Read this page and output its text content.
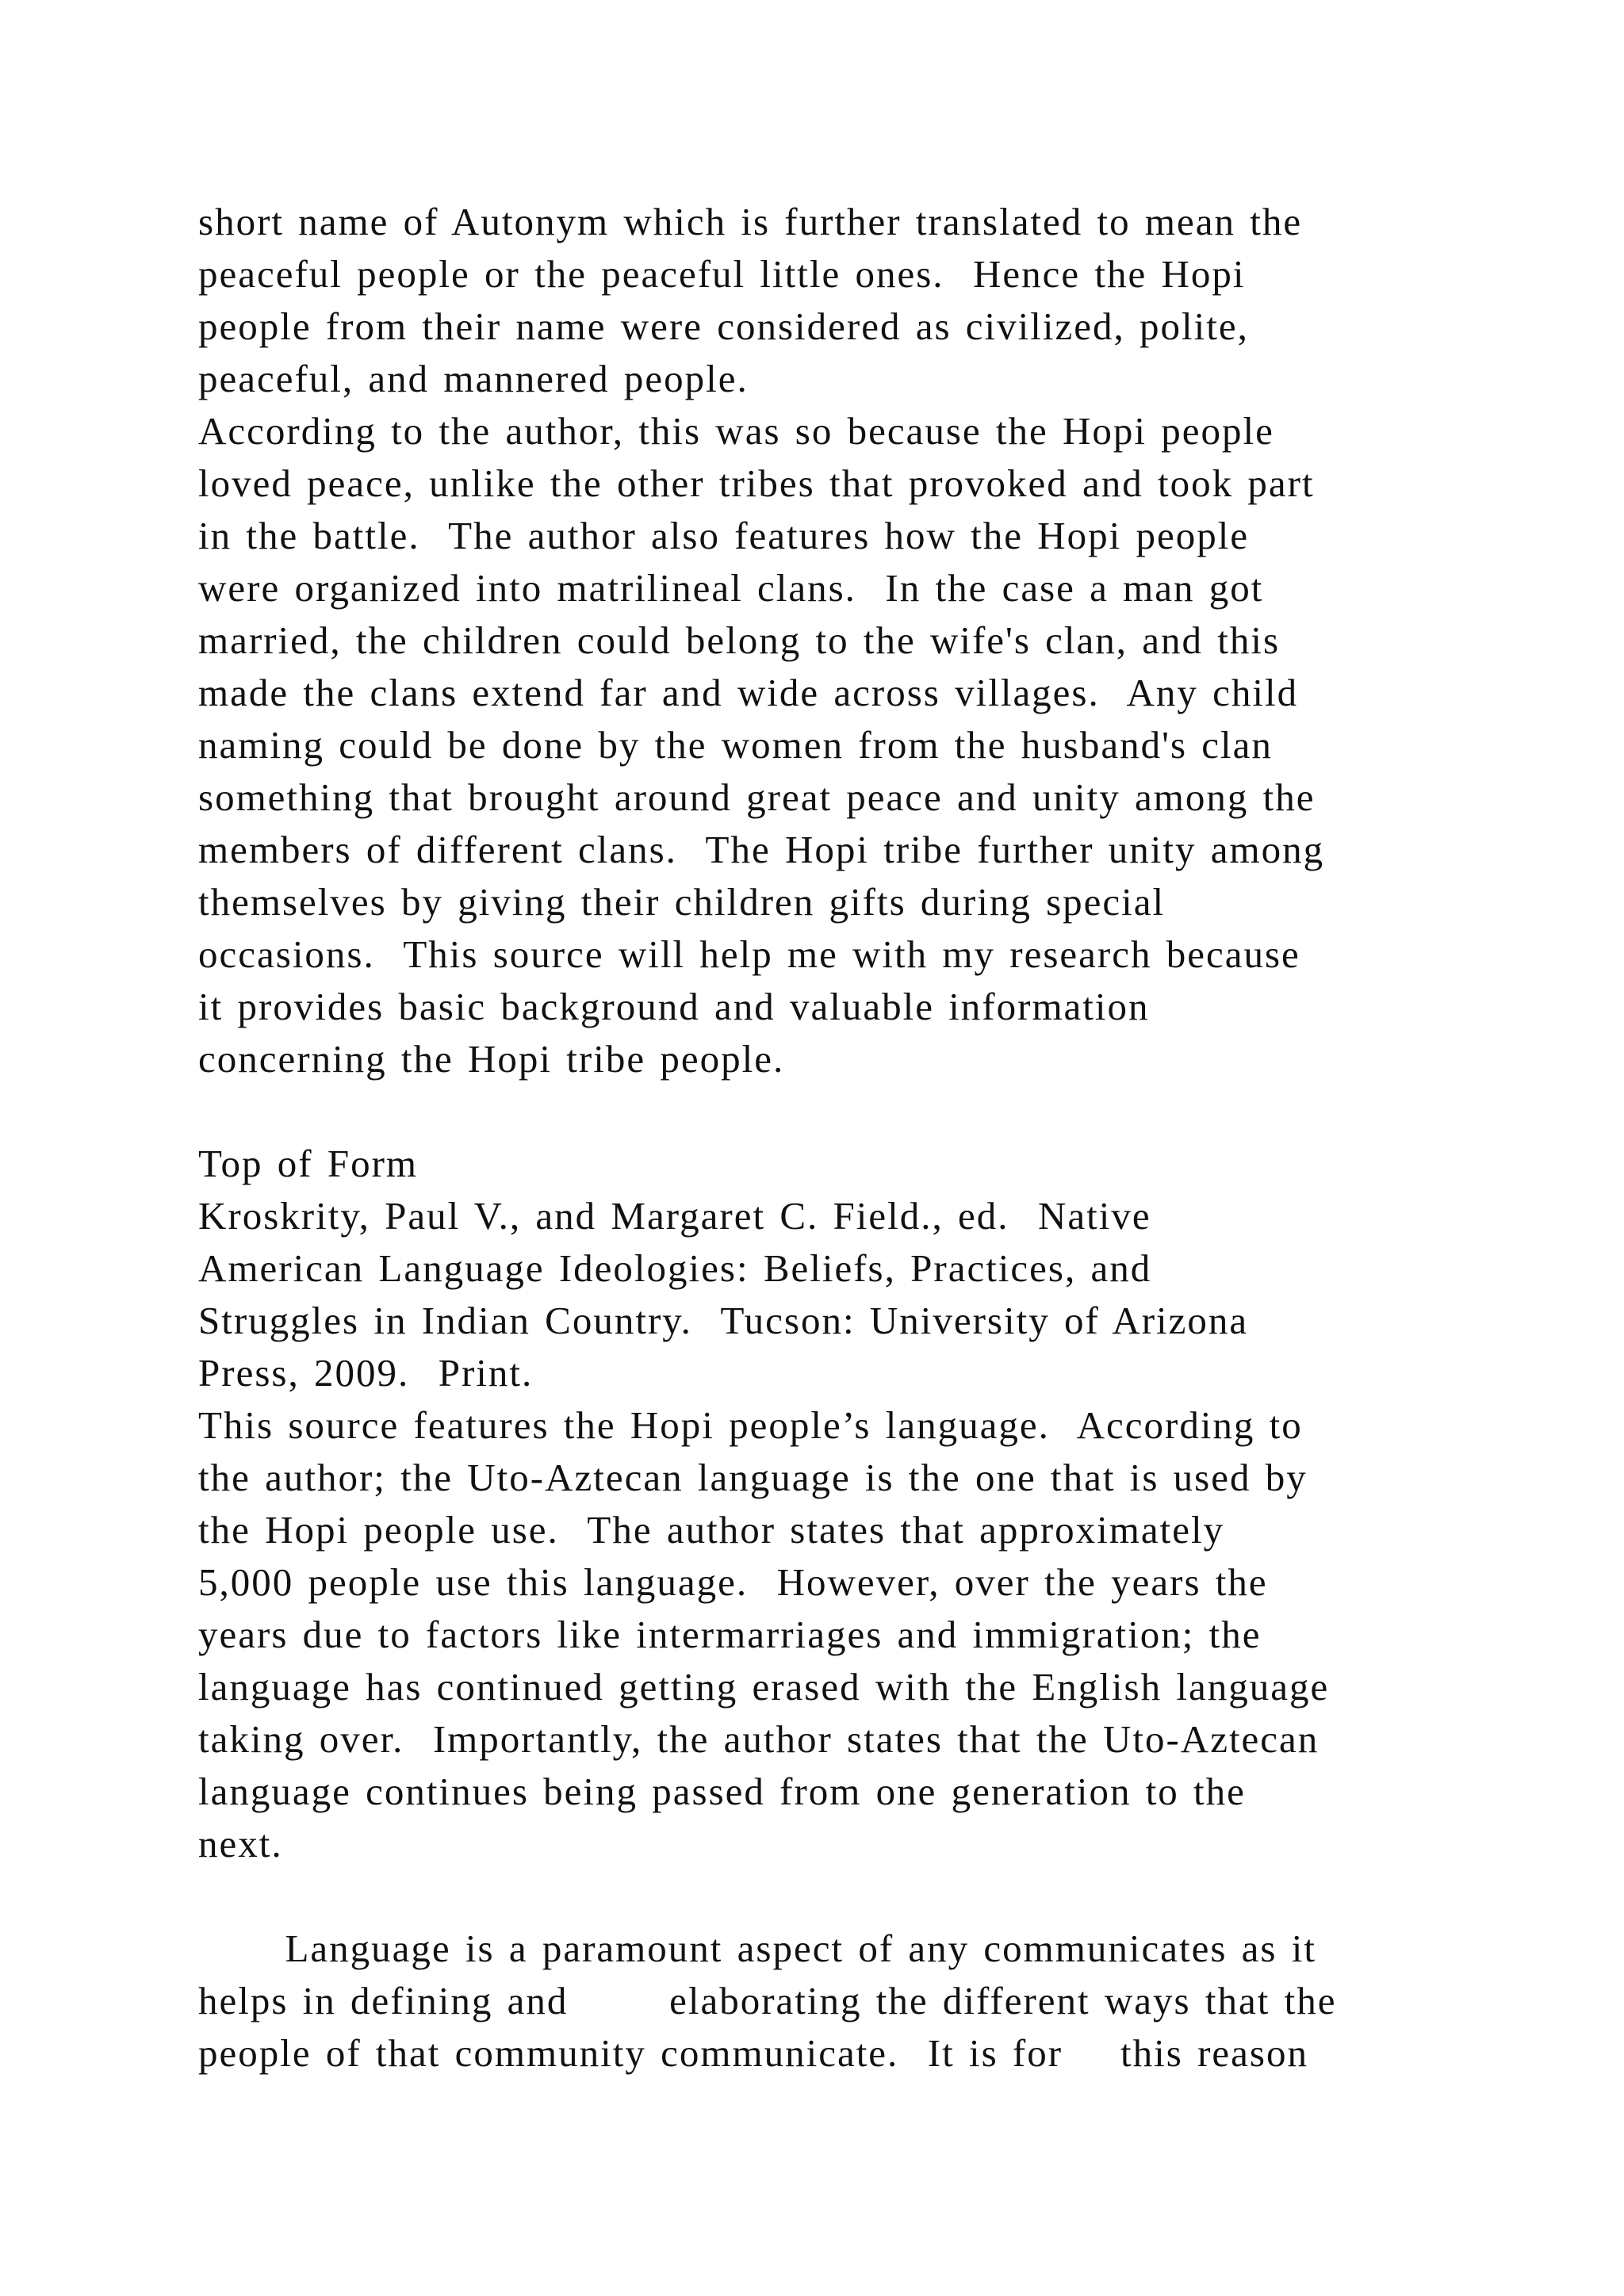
short name of Autonym which is further translated to mean the
peaceful people or the peaceful little ones.  Hence the Hopi
people from their name were considered as civilized, polite,
peaceful, and mannered people.
According to the author, this was so because the Hopi people
loved peace, unlike the other tribes that provoked and took part
in the battle.  The author also features how the Hopi people
were organized into matrilineal clans.  In the case a man got
married, the children could belong to the wife's clan, and this
made the clans extend far and wide across villages.  Any child
naming could be done by the women from the husband's clan
something that brought around great peace and unity among the
members of different clans.  The Hopi tribe further unity among
themselves by giving their children gifts during special
occasions.  This source will help me with my research because
it provides basic background and valuable information
concerning the Hopi tribe people.
Top of Form
Kroskrity, Paul V., and Margaret C. Field., ed.  Native
American Language Ideologies: Beliefs, Practices, and
Struggles in Indian Country.  Tucson: University of Arizona
Press, 2009.  Print.
This source features the Hopi people’s language.  According to
the author; the Uto-Aztecan language is the one that is used by
the Hopi people use.  The author states that approximately
5,000 people use this language.  However, over the years the
years due to factors like intermarriages and immigration; the
language has continued getting erased with the English language
taking over.  Importantly, the author states that the Uto-Aztecan
language continues being passed from one generation to the
next.
Language is a paramount aspect of any communicates as it
helps in defining and       elaborating the different ways that the
people of that community communicate.  It is for    this reason
